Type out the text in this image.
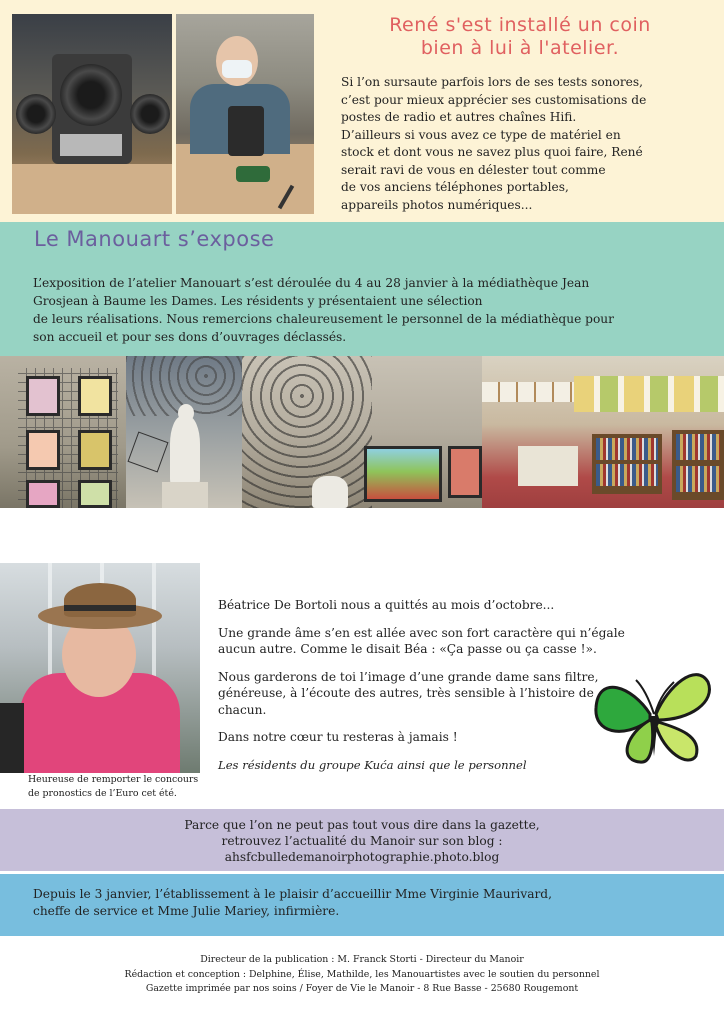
René s'est installé un coin
bien à lui à l'atelier.
Si l’on sursaute parfois lors de ses tests sonores,
c’est pour mieux apprécier ses customisations de
postes de radio et autres chaînes Hifi.
D’ailleurs si vous avez ce type de matériel en
stock et dont vous ne savez plus quoi faire, René
serait ravi de vous en délester tout comme
de vos anciens téléphones portables,
appareils photos numériques...
Le Manouart s’expose
L’exposition de l’atelier Manouart s’est déroulée du 4 au 28 janvier à la médiathèque Jean
Grosjean à Baume les Dames. Les résidents y présentaient une sélection
de leurs réalisations. Nous remercions chaleureusement le personnel de la médiathèque pour
son accueil et pour ses dons d’ouvrages déclassés.
Heureuse de remporter le concours
de pronostics de l’Euro cet été.

Béatrice De Bortoli nous a quittés au mois d’octobre...

Une grande âme s’en est allée avec son fort caractère qui n’égale
aucun autre. Comme le disait Béa : «Ça passe ou ça casse !».

Nous garderons de toi l’image d’une grande dame sans filtre,
généreuse, à l’écoute des autres, très sensible à l’histoire de
chacun.

Dans notre cœur tu resteras à jamais !

Les résidents du groupe Kuća ainsi que le personnel

Parce que l’on ne peut pas tout vous dire dans la gazette,
retrouvez l’actualité du Manoir sur son blog :
ahsfcbulledemanoirphotographie.photo.blog
Depuis le 3 janvier, l’établissement à le plaisir d’accueillir Mme Virginie Maurivard,
cheffe de service et Mme Julie Mariey, infirmière.
Directeur de la publication : M. Franck Storti - Directeur du Manoir
Rédaction et conception : Delphine, Élise, Mathilde, les Manouartistes avec le soutien du personnel
Gazette imprimée par nos soins / Foyer de Vie le Manoir - 8 Rue Basse - 25680 Rougemont
